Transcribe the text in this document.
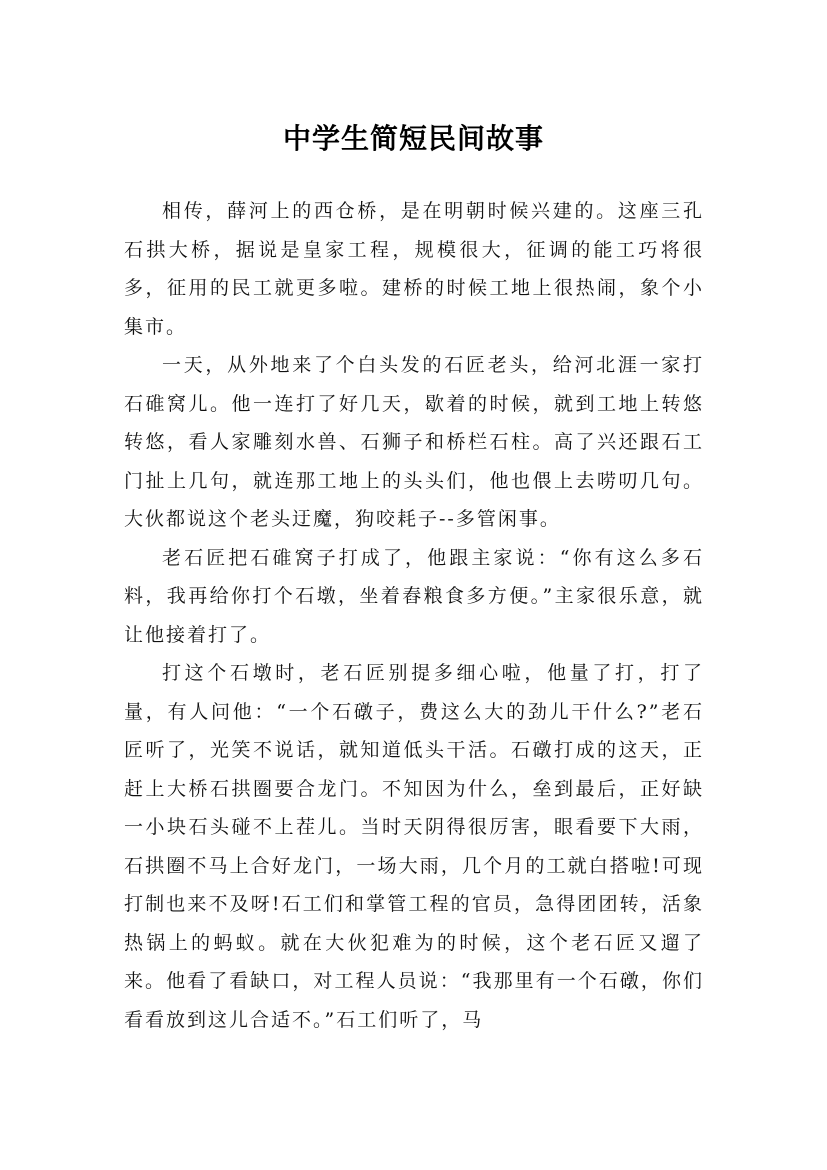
中学生简短民间故事

相传，薛河上的西仓桥，是在明朝时候兴建的。这座三孔石拱大桥，据说是皇家工程，规模很大，征调的能工巧将很多，征用的民工就更多啦。建桥的时候工地上很热闹，象个小集市。

一天，从外地来了个白头发的石匠老头，给河北涯一家打石碓窝儿。他一连打了好几天，歇着的时候，就到工地上转悠转悠，看人家雕刻水兽、石狮子和桥栏石柱。高了兴还跟石工门扯上几句，就连那工地上的头头们，他也偎上去唠叨几句。大伙都说这个老头迂魔，狗咬耗子--多管闲事。

老石匠把石碓窝子打成了，他跟主家说：“你有这么多石料，我再给你打个石墩，坐着舂粮食多方便。”主家很乐意，就让他接着打了。

打这个石墩时，老石匠别提多细心啦，他量了打，打了量，有人问他：“一个石礅子，费这么大的劲儿干什么?”老石匠听了，光笑不说话，就知道低头干活。石礅打成的这天，正赶上大桥石拱圈要合龙门。不知因为什么，垒到最后，正好缺一小块石头碰不上茬儿。当时天阴得很厉害，眼看要下大雨，石拱圈不马上合好龙门，一场大雨，几个月的工就白搭啦!可现打制也来不及呀!石工们和掌管工程的官员，急得团团转，活象热锅上的蚂蚁。就在大伙犯难为的时候，这个老石匠又遛了来。他看了看缺口，对工程人员说：“我那里有一个石礅，你们看看放到这儿合适不。”石工们听了，马
